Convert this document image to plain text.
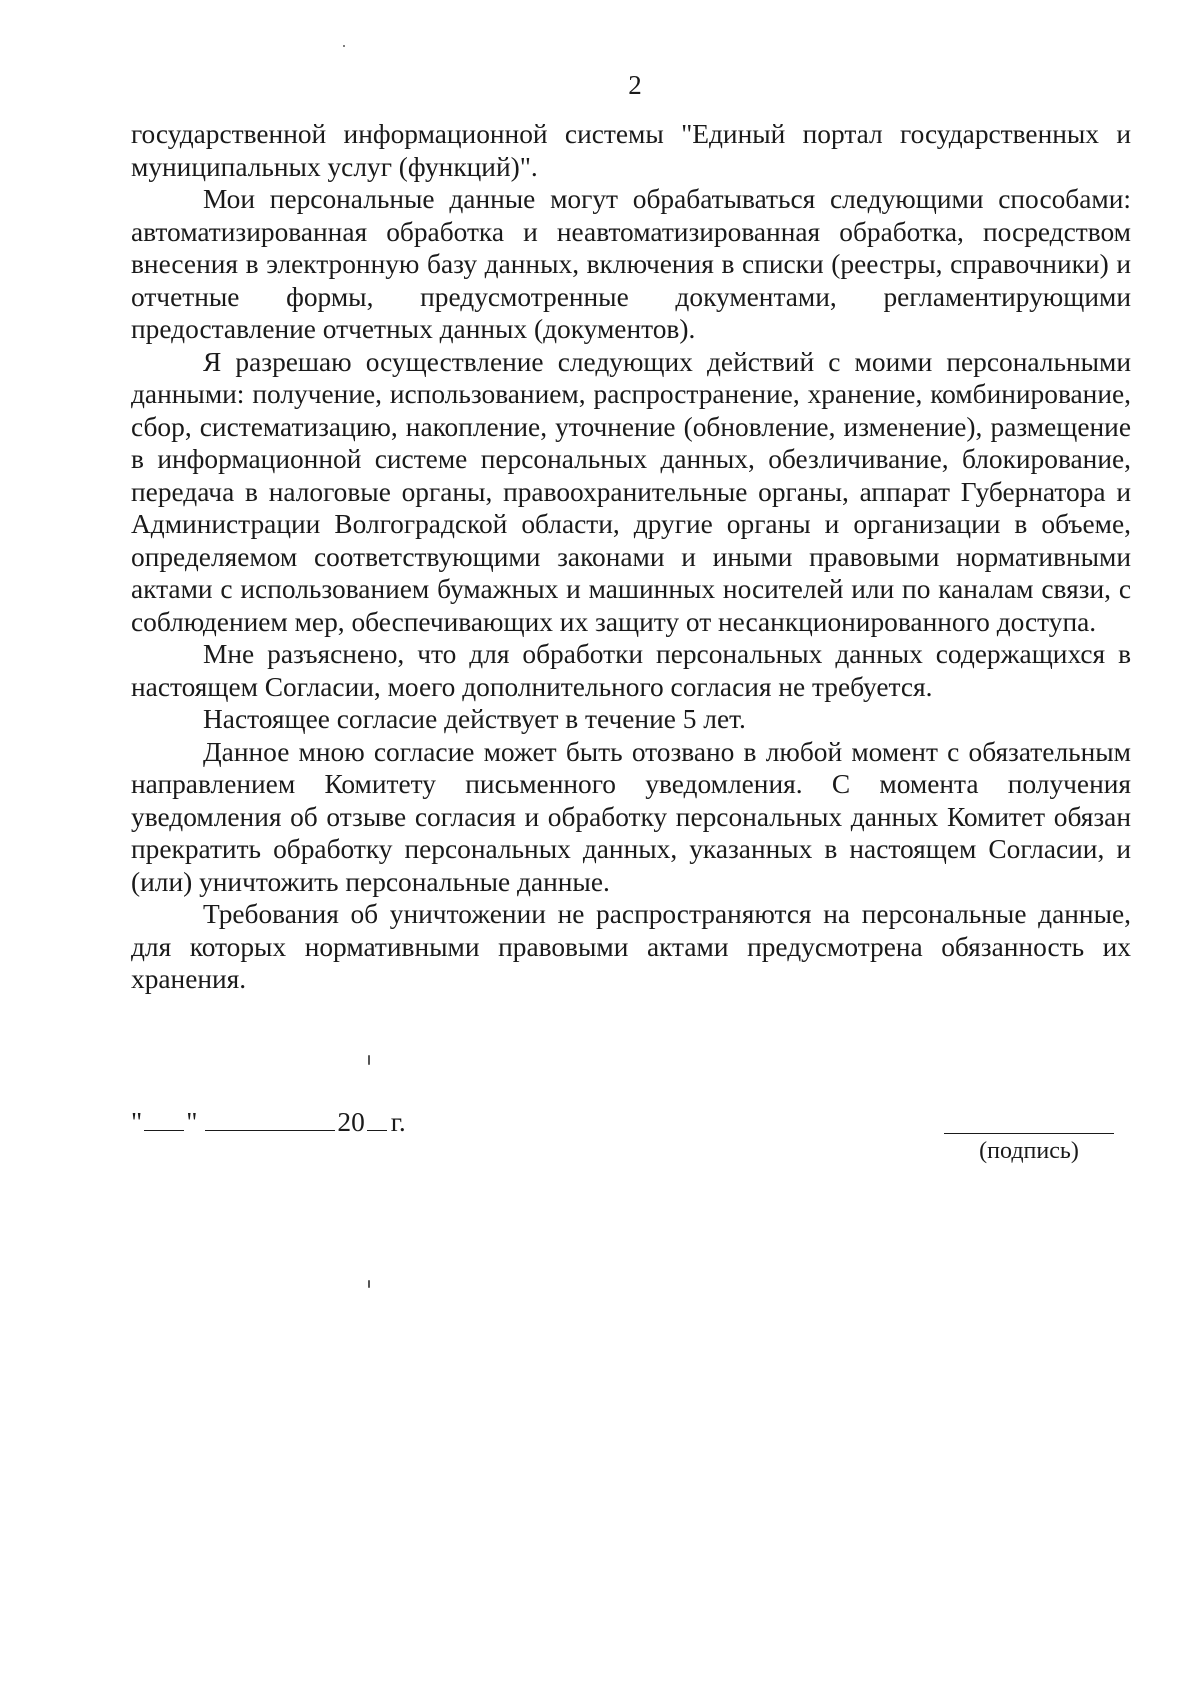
2

государственной информационной системы "Единый портал государственных и муниципальных услуг (функций)".

Мои персональные данные могут обрабатываться следующими способами: автоматизированная обработка и неавтоматизированная обработка, посредством внесения в электронную базу данных, включения в списки (реестры, справочники) и отчетные формы, предусмотренные документами, регламентирующими предоставление отчетных данных (документов).

Я разрешаю осуществление следующих действий с моими персональными данными: получение, использованием, распространение, хранение, комбинирование, сбор, систематизацию, накопление, уточнение (обновление, изменение), размещение в информационной системе персональных данных, обезличивание, блокирование, передача в налоговые органы, правоохранительные органы, аппарат Губернатора и Администрации Волгоградской области, другие органы и организации в объеме, определяемом соответствующими законами и иными правовыми нормативными актами с использованием бумажных и машинных носителей или по каналам связи, с соблюдением мер, обеспечивающих их защиту от несанкционированного доступа.

Мне разъяснено, что для обработки персональных данных содержащихся в настоящем Согласии, моего дополнительного согласия не требуется.

Настоящее согласие действует в течение 5 лет.

Данное мною согласие может быть отозвано в любой момент с обязательным направлением Комитету письменного уведомления. С момента получения уведомления об отзыве согласия и обработку персональных данных Комитет обязан прекратить обработку персональных данных, указанных в настоящем Согласии, и (или) уничтожить персональные данные.

Требования об уничтожении не распространяются на персональные данные, для которых нормативными правовыми актами предусмотрена обязанность их хранения.

" "	20 г.
(подпись)
